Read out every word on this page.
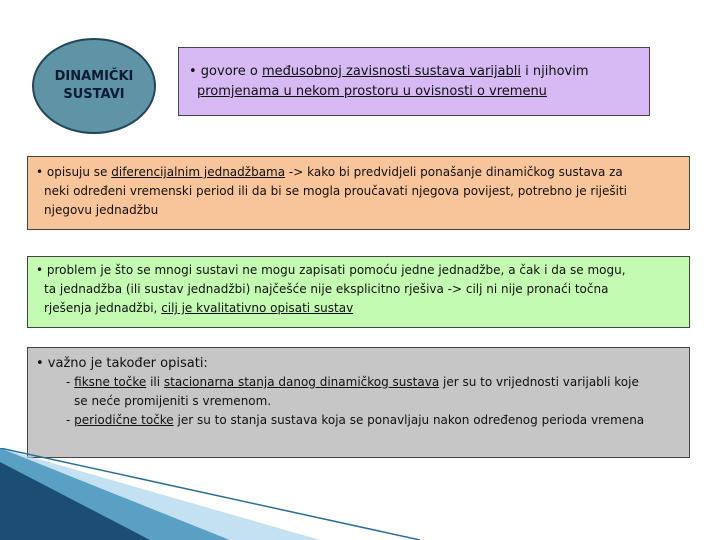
DINAMIČKI
SUSTAVI

• govore o međusobnoj zavisnosti sustava varijabli i njihovim

promjenama u nekom prostoru u ovisnosti o vremenu

• opisuju se diferencijalnim jednadžbama -> kako bi predvidjeli ponašanje dinamičkog sustava za

neki određeni vremenski period ili da bi se mogla proučavati njegova povijest, potrebno je riješiti

njegovu jednadžbu

• problem je što se mnogi sustavi ne mogu zapisati pomoću jedne jednadžbe, a čak i da se mogu,

ta jednadžba (ili sustav jednadžbi) najčešće nije eksplicitno rješiva -> cilj ni nije pronaći točna

rješenja jednadžbi, cilj je kvalitativno opisati sustav

• važno je također opisati:

- fiksne točke ili stacionarna stanja danog dinamičkog sustava jer su to vrijednosti varijabli koje

se neće promijeniti s vremenom.

- periodične točke jer su to stanja sustava koja se ponavljaju nakon određenog perioda vremena
